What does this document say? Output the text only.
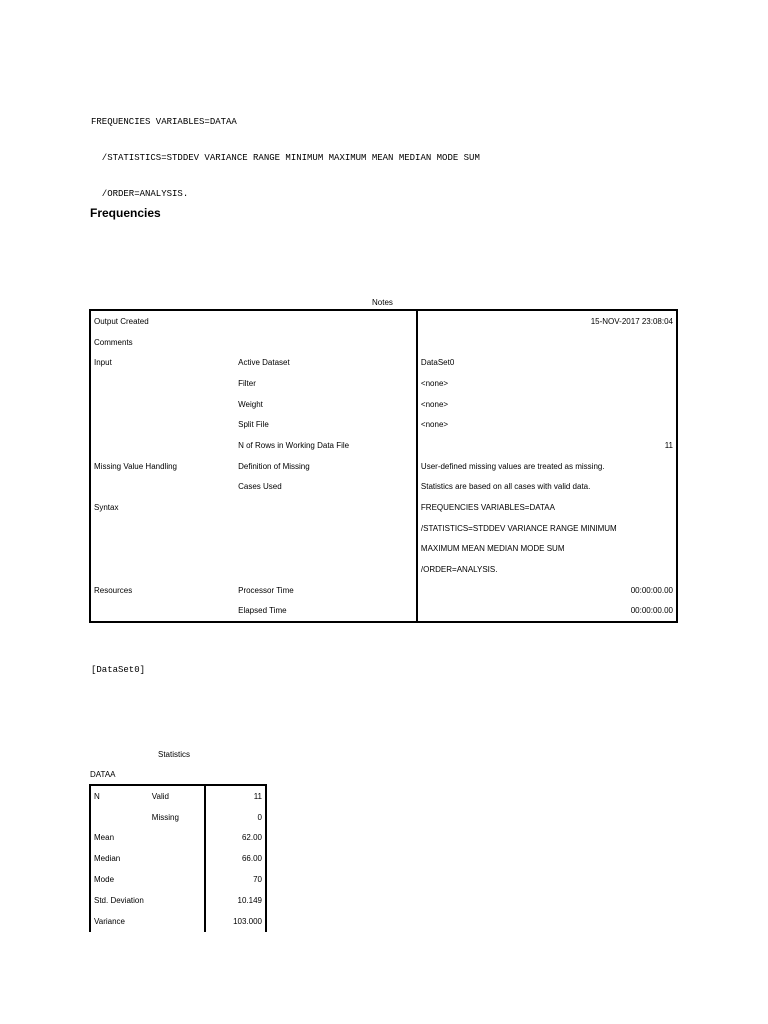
FREQUENCIES VARIABLES=DATAA

/STATISTICS=STDDEV VARIANCE RANGE MINIMUM MAXIMUM MEAN MEDIAN MODE SUM

/ORDER=ANALYSIS.

Frequencies
Notes
Output Created		15-NOV-2017 23:08:04
Comments		
Input	Active Dataset	DataSet0
	Filter	<none>
	Weight	<none>
	Split File	<none>
	N of Rows in Working Data File	11
Missing Value Handling	Definition of Missing	User-defined missing values are treated as missing.
	Cases Used	Statistics are based on all cases with valid data.
Syntax		FREQUENCIES VARIABLES=DATAA
		/STATISTICS=STDDEV VARIANCE RANGE MINIMUM
		MAXIMUM MEAN MEDIAN MODE SUM
		/ORDER=ANALYSIS.
Resources	Processor Time	00:00:00.00
	Elapsed Time	00:00:00.00
[DataSet0]
Statistics
DATAA
N	Valid	11
	Missing	0
Mean		62.00
Median		66.00
Mode		70
Std. Deviation		10.149
Variance		103.000
